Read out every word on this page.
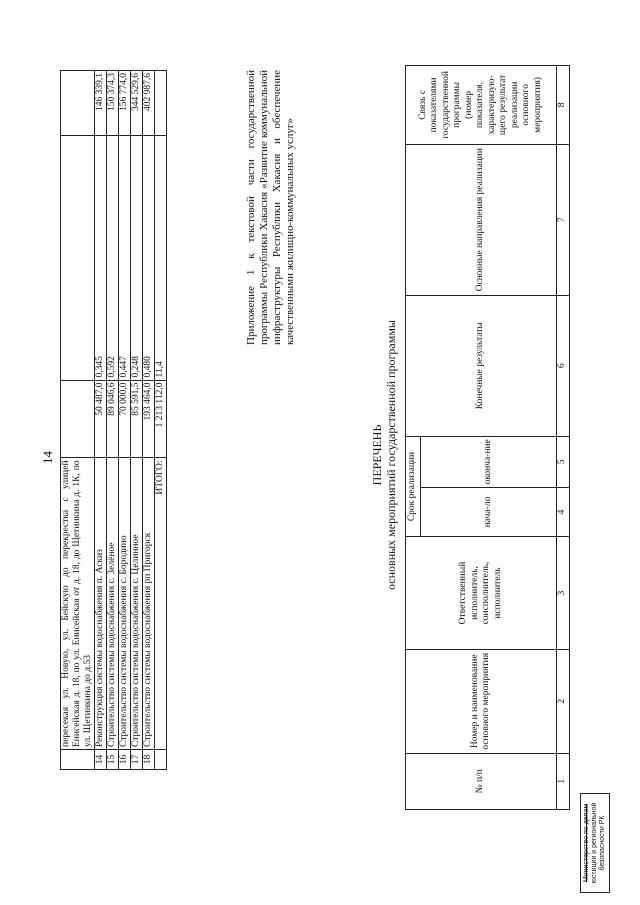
14
	пересекая ул. Новую, ул. Бейскую до перекрестка с улицей Енисейская д. 18, по ул. Енисейская от д. 18, до Щетинкина д. 1К, по ул. Щетинкина до д.53			
14	Реконструкция системы водоснабжения п. Аскиз	50 487,0	0,345	146 339,1
15	Строительство системы водоснабжения с. Зелёное	89 046,6	0,592	150 374,3
16	Строительство системы водоснабжения с. Бородино	70 000,0	0,447	156 774,0
17	Строительство системы водоснабжения с. Целинное	85 591,5	0,248	344 529,6
18	Строительство системы водоснабжения рп Пригорск	193 464,0	0,480	402 987,6
	ИТОГО:	1 213 112,0	11,4	
Приложение 1 к текстовой части государственной программы Республики Хакасия «Развитие коммунальной инфраструктуры Республики Хакасия и обеспечение качественными жилищно-коммунальных услуг»
ПЕРЕЧЕНЬ основных мероприятий государственной программы
№ п/п	Номер и наименование основного мероприятия	Ответственный исполнитель, соисполнитель, исполнитель	Срок реализации		Конечные результаты	Основные направления реализации	Связь с показателями государственной программы (номер показателя, характеризую-щего результат реализации основного мероприятия)
			нача-ло	оконча-ние			
1	2	3	4	5	6	7	8
Министерство по делам юстиции и региональной безопасности РК
